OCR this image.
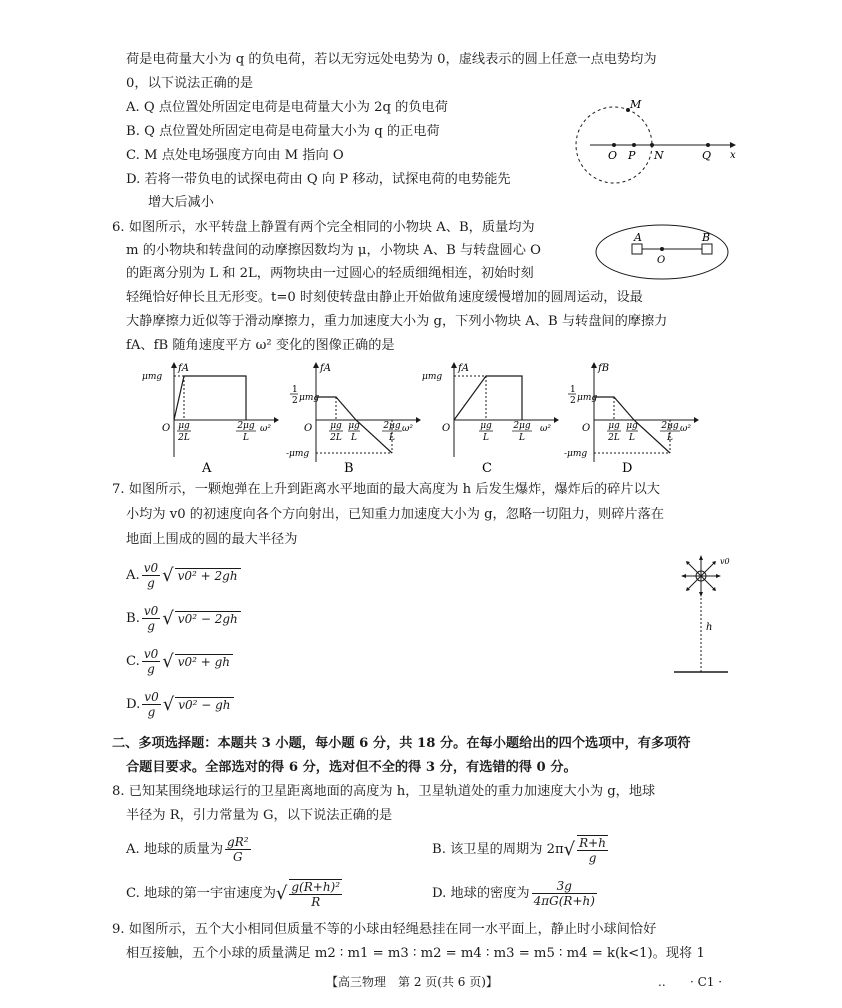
荷是电荷量大小为 q 的负电荷，若以无穷远处电势为 0，虚线表示的圆上任意一点电势均为
0，以下说法正确的是
A. Q 点位置处所固定电荷是电荷量大小为 2q 的负电荷
B. Q 点位置处所固定电荷是电荷量大小为 q 的正电荷
C. M 点处电场强度方向由 M 指向 O
D. 若将一带负电的试探电荷由 Q 向 P 移动，试探电荷的电势能先
增大后减小
M
O P N	Q x
6. 如图所示，水平转盘上静置有两个完全相同的小物块 A、B，质量均为
m 的小物块和转盘间的动摩擦因数均为 μ，小物块 A、B 与转盘圆心 O
的距离分别为 L 和 2L，两物块由一过圆心的轻质细绳相连，初始时刻
轻绳恰好伸长且无形变。t=0 时刻使转盘由静止开始做角速度缓慢增加的圆周运动，设最
大静摩擦力近似等于滑动摩擦力，重力加速度大小为 g，下列小物块 A、B 与转盘间的摩擦力
fA、fB 随角速度平方 ω² 变化的图像正确的是
A	B
O
fA
μmg
O	ω²
μg
2L
2μg
L
A
fA
1
2 μmg
O	ω²
μg
2L
μg
L
2μg
L
-μmg
B
fA
μmg
O	ω²
μg
L
2μg
L
C
fB
1
2 μmg
O	ω²
μg
2L
μg
L
2μg
L
-μmg
D
7. 如图所示，一颗炮弹在上升到距离水平地面的最大高度为 h 后发生爆炸，爆炸后的碎片以大
小均为 v0 的初速度向各个方向射出，已知重力加速度大小为 g，忽略一切阻力，则碎片落在
地面上围成的圆的最大半径为
A. $\frac{v0}{g}$ √ v0² + 2gh
B. $\frac{v0}{g}$ √ v0² − 2gh
C. $\frac{v0}{g}$ √ v0² + gh
D. $\frac{v0}{g}$ √ v0² − gh
v0
h
二、多项选择题：本题共 3 小题，每小题 6 分，共 18 分。在每小题给出的四个选项中，有多项符
合题目要求。全部选对的得 6 分，选对但不全的得 3 分，有选错的得 0 分。
8. 已知某围绕地球运行的卫星距离地面的高度为 h，卫星轨道处的重力加速度大小为 g，地球
半径为 R，引力常量为 G，以下说法正确的是
A. 地球的质量为 $\frac{\text{gR²}}{G}$	B. 该卫星的周期为 $2\pi√ \frac{R+h}{g}$
C. 地球的第一宇宙速度为√ $\frac{\text{g(R+h)²}}{R}$	D. 地球的密度为 $\frac{3g}{4\pi G(R+h)}$
9. 如图所示，五个大小相同但质量不等的小球由轻绳悬挂在同一水平面上，静止时小球间恰好
相互接触，五个小球的质量满足 m2 ∶ m1 = m3 ∶ m2 = m4 ∶ m3 = m5 ∶ m4 = k(k<1)。现将 1
【高三物理　第 2 页(共 6 页)】	.. · C1 ·
